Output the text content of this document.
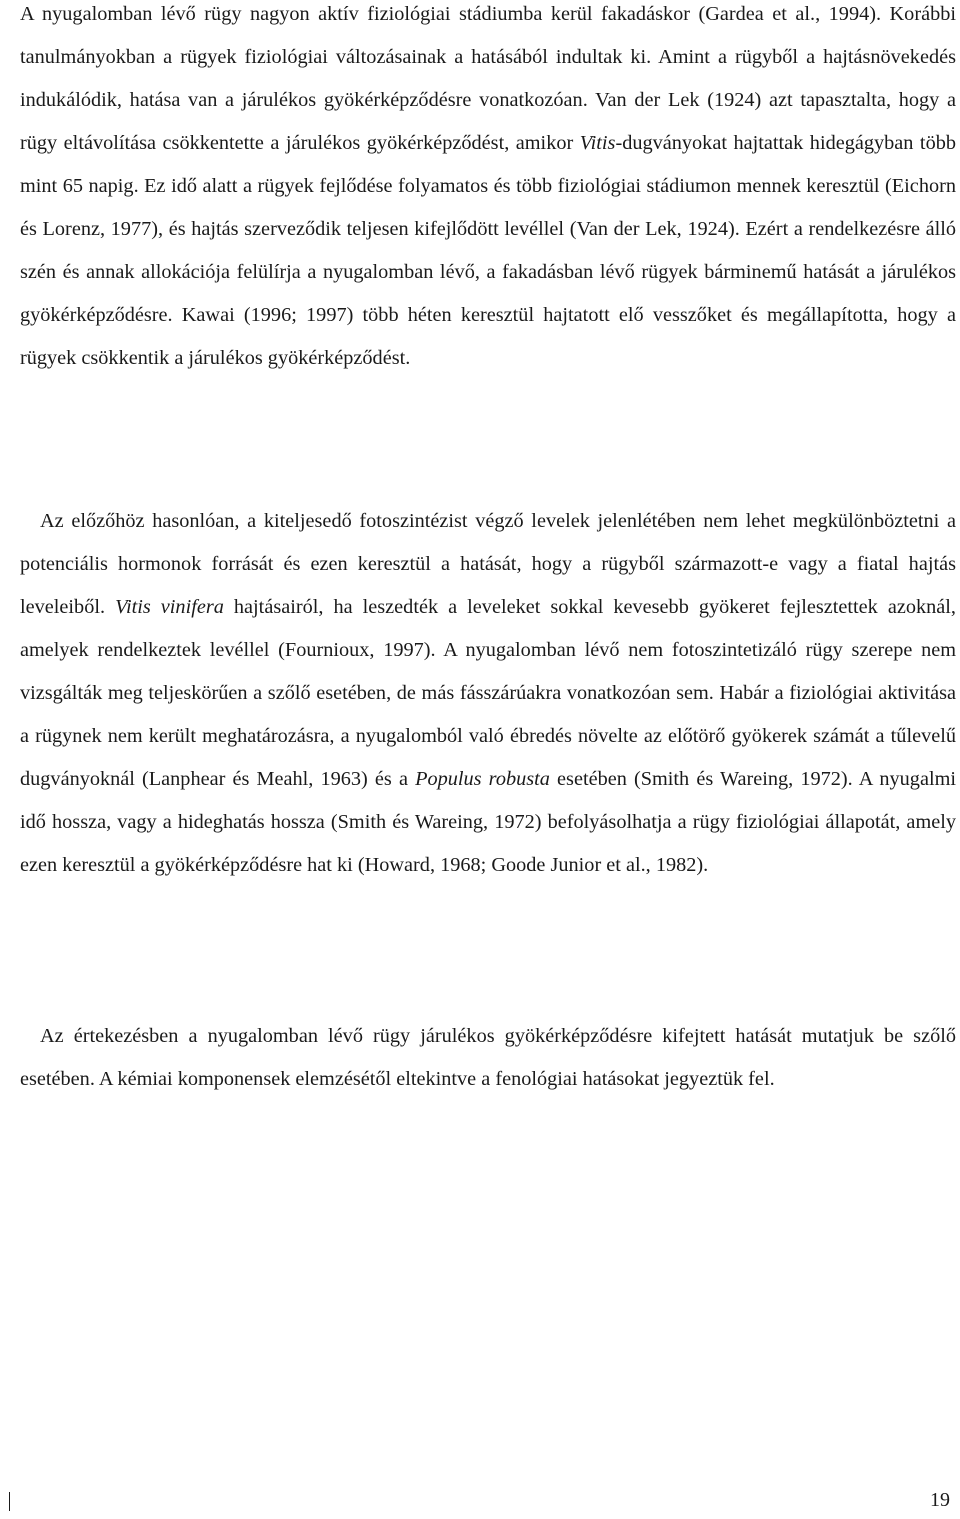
A nyugalomban lévő rügy nagyon aktív fiziológiai stádiumba kerül fakadáskor (Gardea et al., 1994). Korábbi tanulmányokban a rügyek fiziológiai változásainak a hatásából indultak ki. Amint a rügyből a hajtásnövekedés indukálódik, hatása van a járulékos gyökérképződésre vonatkozóan. Van der Lek (1924) azt tapasztalta, hogy a rügy eltávolítása csökkentette a járulékos gyökérképződést, amikor Vitis-dugványokat hajtattak hidegágyban több mint 65 napig. Ez idő alatt a rügyek fejlődése folyamatos és több fiziológiai stádiumon mennek keresztül (Eichorn és Lorenz, 1977), és hajtás szerveződik teljesen kifejlődött levéllel (Van der Lek, 1924). Ezért a rendelkezésre álló szén és annak allokációja felülírja a nyugalomban lévő, a fakadásban lévő rügyek bárminemű hatását a járulékos gyökérképződésre. Kawai (1996; 1997) több héten keresztül hajtatott elő vesszőket és megállapította, hogy a rügyek csökkentik a járulékos gyökérképződést.

Az előzőhöz hasonlóan, a kiteljesedő fotoszintézist végző levelek jelenlétében nem lehet megkülönböztetni a potenciális hormonok forrását és ezen keresztül a hatását, hogy a rügyből származott-e vagy a fiatal hajtás leveleiből. Vitis vinifera hajtásairól, ha leszedték a leveleket sokkal kevesebb gyökeret fejlesztettek azoknál, amelyek rendelkeztek levéllel (Fournioux, 1997). A nyugalomban lévő nem fotoszintetizáló rügy szerepe nem vizsgálták meg teljeskörűen a szőlő esetében, de más fásszárúakra vonatkozóan sem. Habár a fiziológiai aktivitása a rügynek nem került meghatározásra, a nyugalomból való ébredés növelte az előtörő gyökerek számát a tűlevelű dugványoknál (Lanphear és Meahl, 1963) és a Populus robusta esetében (Smith és Wareing, 1972). A nyugalmi idő hossza, vagy a hideghatás hossza (Smith és Wareing, 1972) befolyásolhatja a rügy fiziológiai állapotát, amely ezen keresztül a gyökérképződésre hat ki (Howard, 1968; Goode Junior et al., 1982).

Az értekezésben a nyugalomban lévő rügy járulékos gyökérképződésre kifejtett hatását mutatjuk be szőlő esetében. A kémiai komponensek elemzésétől eltekintve a fenológiai hatásokat jegyeztük fel.

19
